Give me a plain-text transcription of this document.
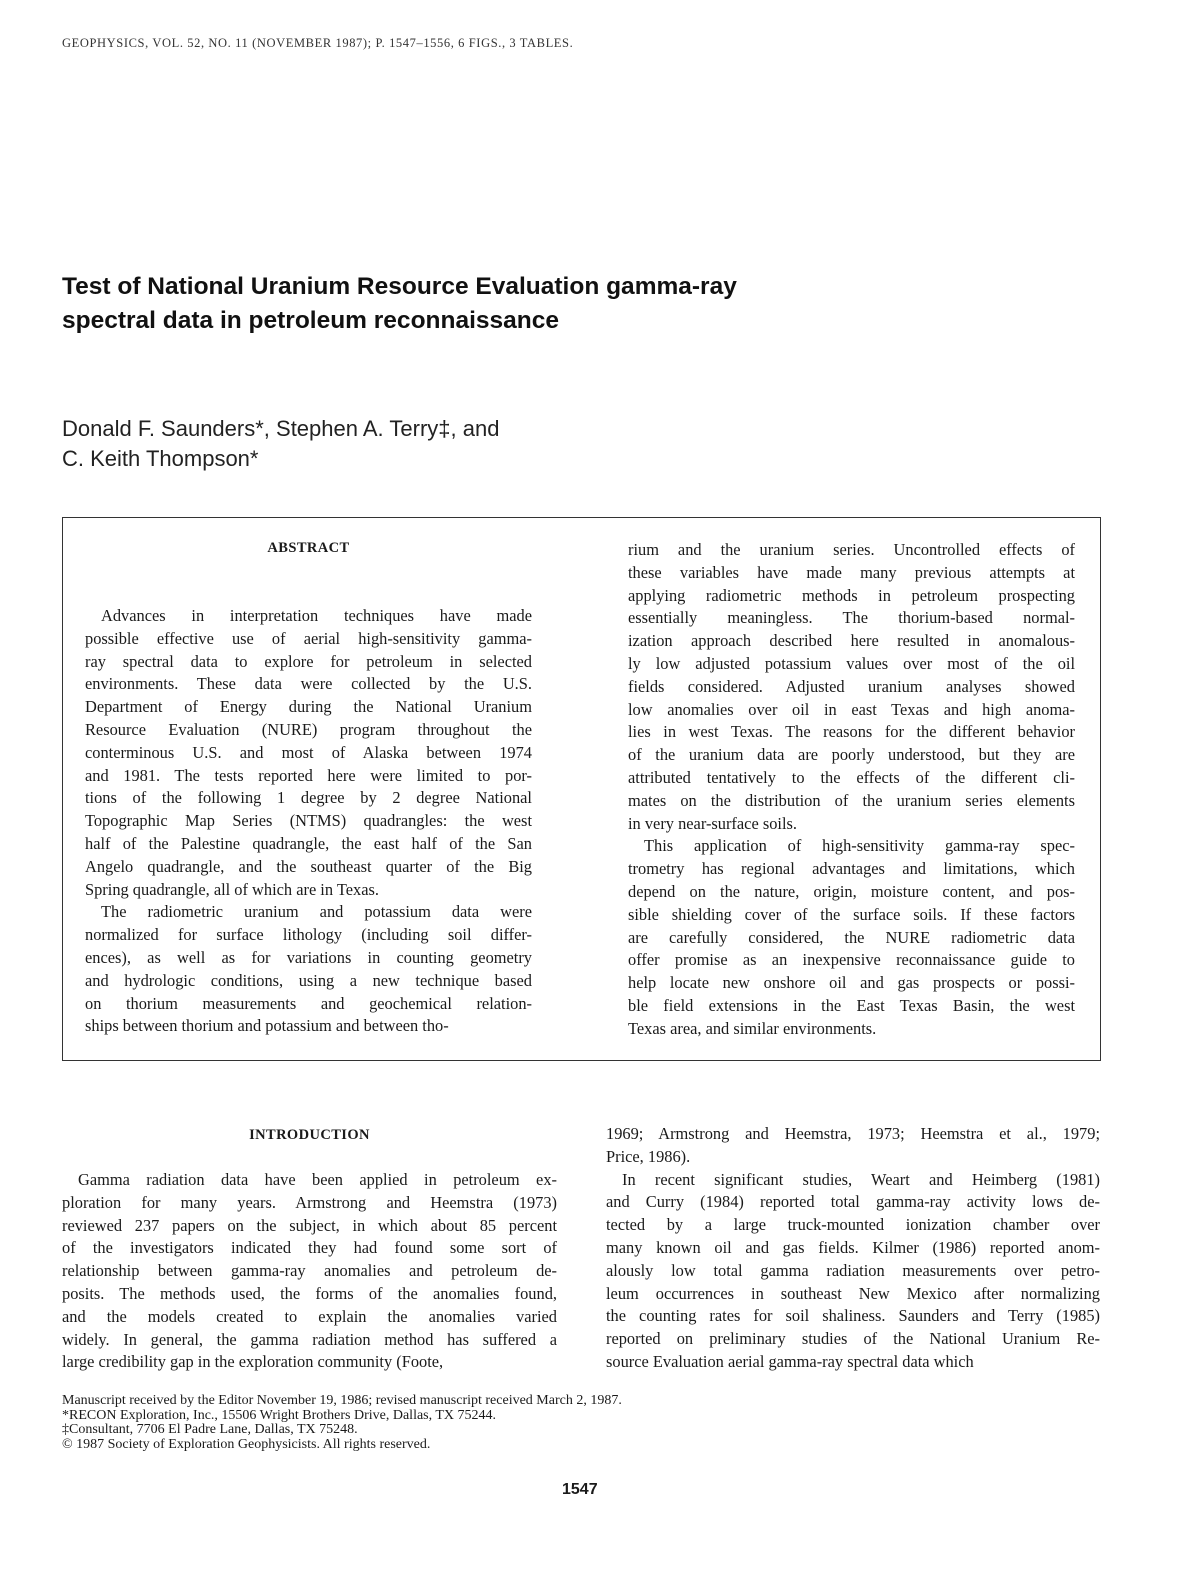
GEOPHYSICS, VOL. 52, NO. 11 (NOVEMBER 1987); P. 1547–1556, 6 FIGS., 3 TABLES.
Test of National Uranium Resource Evaluation gamma-ray
spectral data in petroleum reconnaissance
Donald F. Saunders*, Stephen A. Terry‡, and
C. Keith Thompson*
ABSTRACT
Advances in interpretation techniques have made
possible effective use of aerial high-sensitivity gamma-
ray spectral data to explore for petroleum in selected
environments. These data were collected by the U.S.
Department of Energy during the National Uranium
Resource Evaluation (NURE) program throughout the
conterminous U.S. and most of Alaska between 1974
and 1981. The tests reported here were limited to por-
tions of the following 1 degree by 2 degree National
Topographic Map Series (NTMS) quadrangles: the west
half of the Palestine quadrangle, the east half of the San
Angelo quadrangle, and the southeast quarter of the Big
Spring quadrangle, all of which are in Texas.
The radiometric uranium and potassium data were
normalized for surface lithology (including soil differ-
ences), as well as for variations in counting geometry
and hydrologic conditions, using a new technique based
on thorium measurements and geochemical relation-
ships between thorium and potassium and between tho-
rium and the uranium series. Uncontrolled effects of
these variables have made many previous attempts at
applying radiometric methods in petroleum prospecting
essentially meaningless. The thorium-based normal-
ization approach described here resulted in anomalous-
ly low adjusted potassium values over most of the oil
fields considered. Adjusted uranium analyses showed
low anomalies over oil in east Texas and high anoma-
lies in west Texas. The reasons for the different behavior
of the uranium data are poorly understood, but they are
attributed tentatively to the effects of the different cli-
mates on the distribution of the uranium series elements
in very near-surface soils.
This application of high-sensitivity gamma-ray spec-
trometry has regional advantages and limitations, which
depend on the nature, origin, moisture content, and pos-
sible shielding cover of the surface soils. If these factors
are carefully considered, the NURE radiometric data
offer promise as an inexpensive reconnaissance guide to
help locate new onshore oil and gas prospects or possi-
ble field extensions in the East Texas Basin, the west
Texas area, and similar environments.
INTRODUCTION
Gamma radiation data have been applied in petroleum ex-
ploration for many years. Armstrong and Heemstra (1973)
reviewed 237 papers on the subject, in which about 85 percent
of the investigators indicated they had found some sort of
relationship between gamma-ray anomalies and petroleum de-
posits. The methods used, the forms of the anomalies found,
and the models created to explain the anomalies varied
widely. In general, the gamma radiation method has suffered a
large credibility gap in the exploration community (Foote,
1969; Armstrong and Heemstra, 1973; Heemstra et al., 1979;
Price, 1986).
In recent significant studies, Weart and Heimberg (1981)
and Curry (1984) reported total gamma-ray activity lows de-
tected by a large truck-mounted ionization chamber over
many known oil and gas fields. Kilmer (1986) reported anom-
alously low total gamma radiation measurements over petro-
leum occurrences in southeast New Mexico after normalizing
the counting rates for soil shaliness. Saunders and Terry (1985)
reported on preliminary studies of the National Uranium Re-
source Evaluation aerial gamma-ray spectral data which
Manuscript received by the Editor November 19, 1986; revised manuscript received March 2, 1987.
*RECON Exploration, Inc., 15506 Wright Brothers Drive, Dallas, TX 75244.
‡Consultant, 7706 El Padre Lane, Dallas, TX 75248.
© 1987 Society of Exploration Geophysicists. All rights reserved.
1547
